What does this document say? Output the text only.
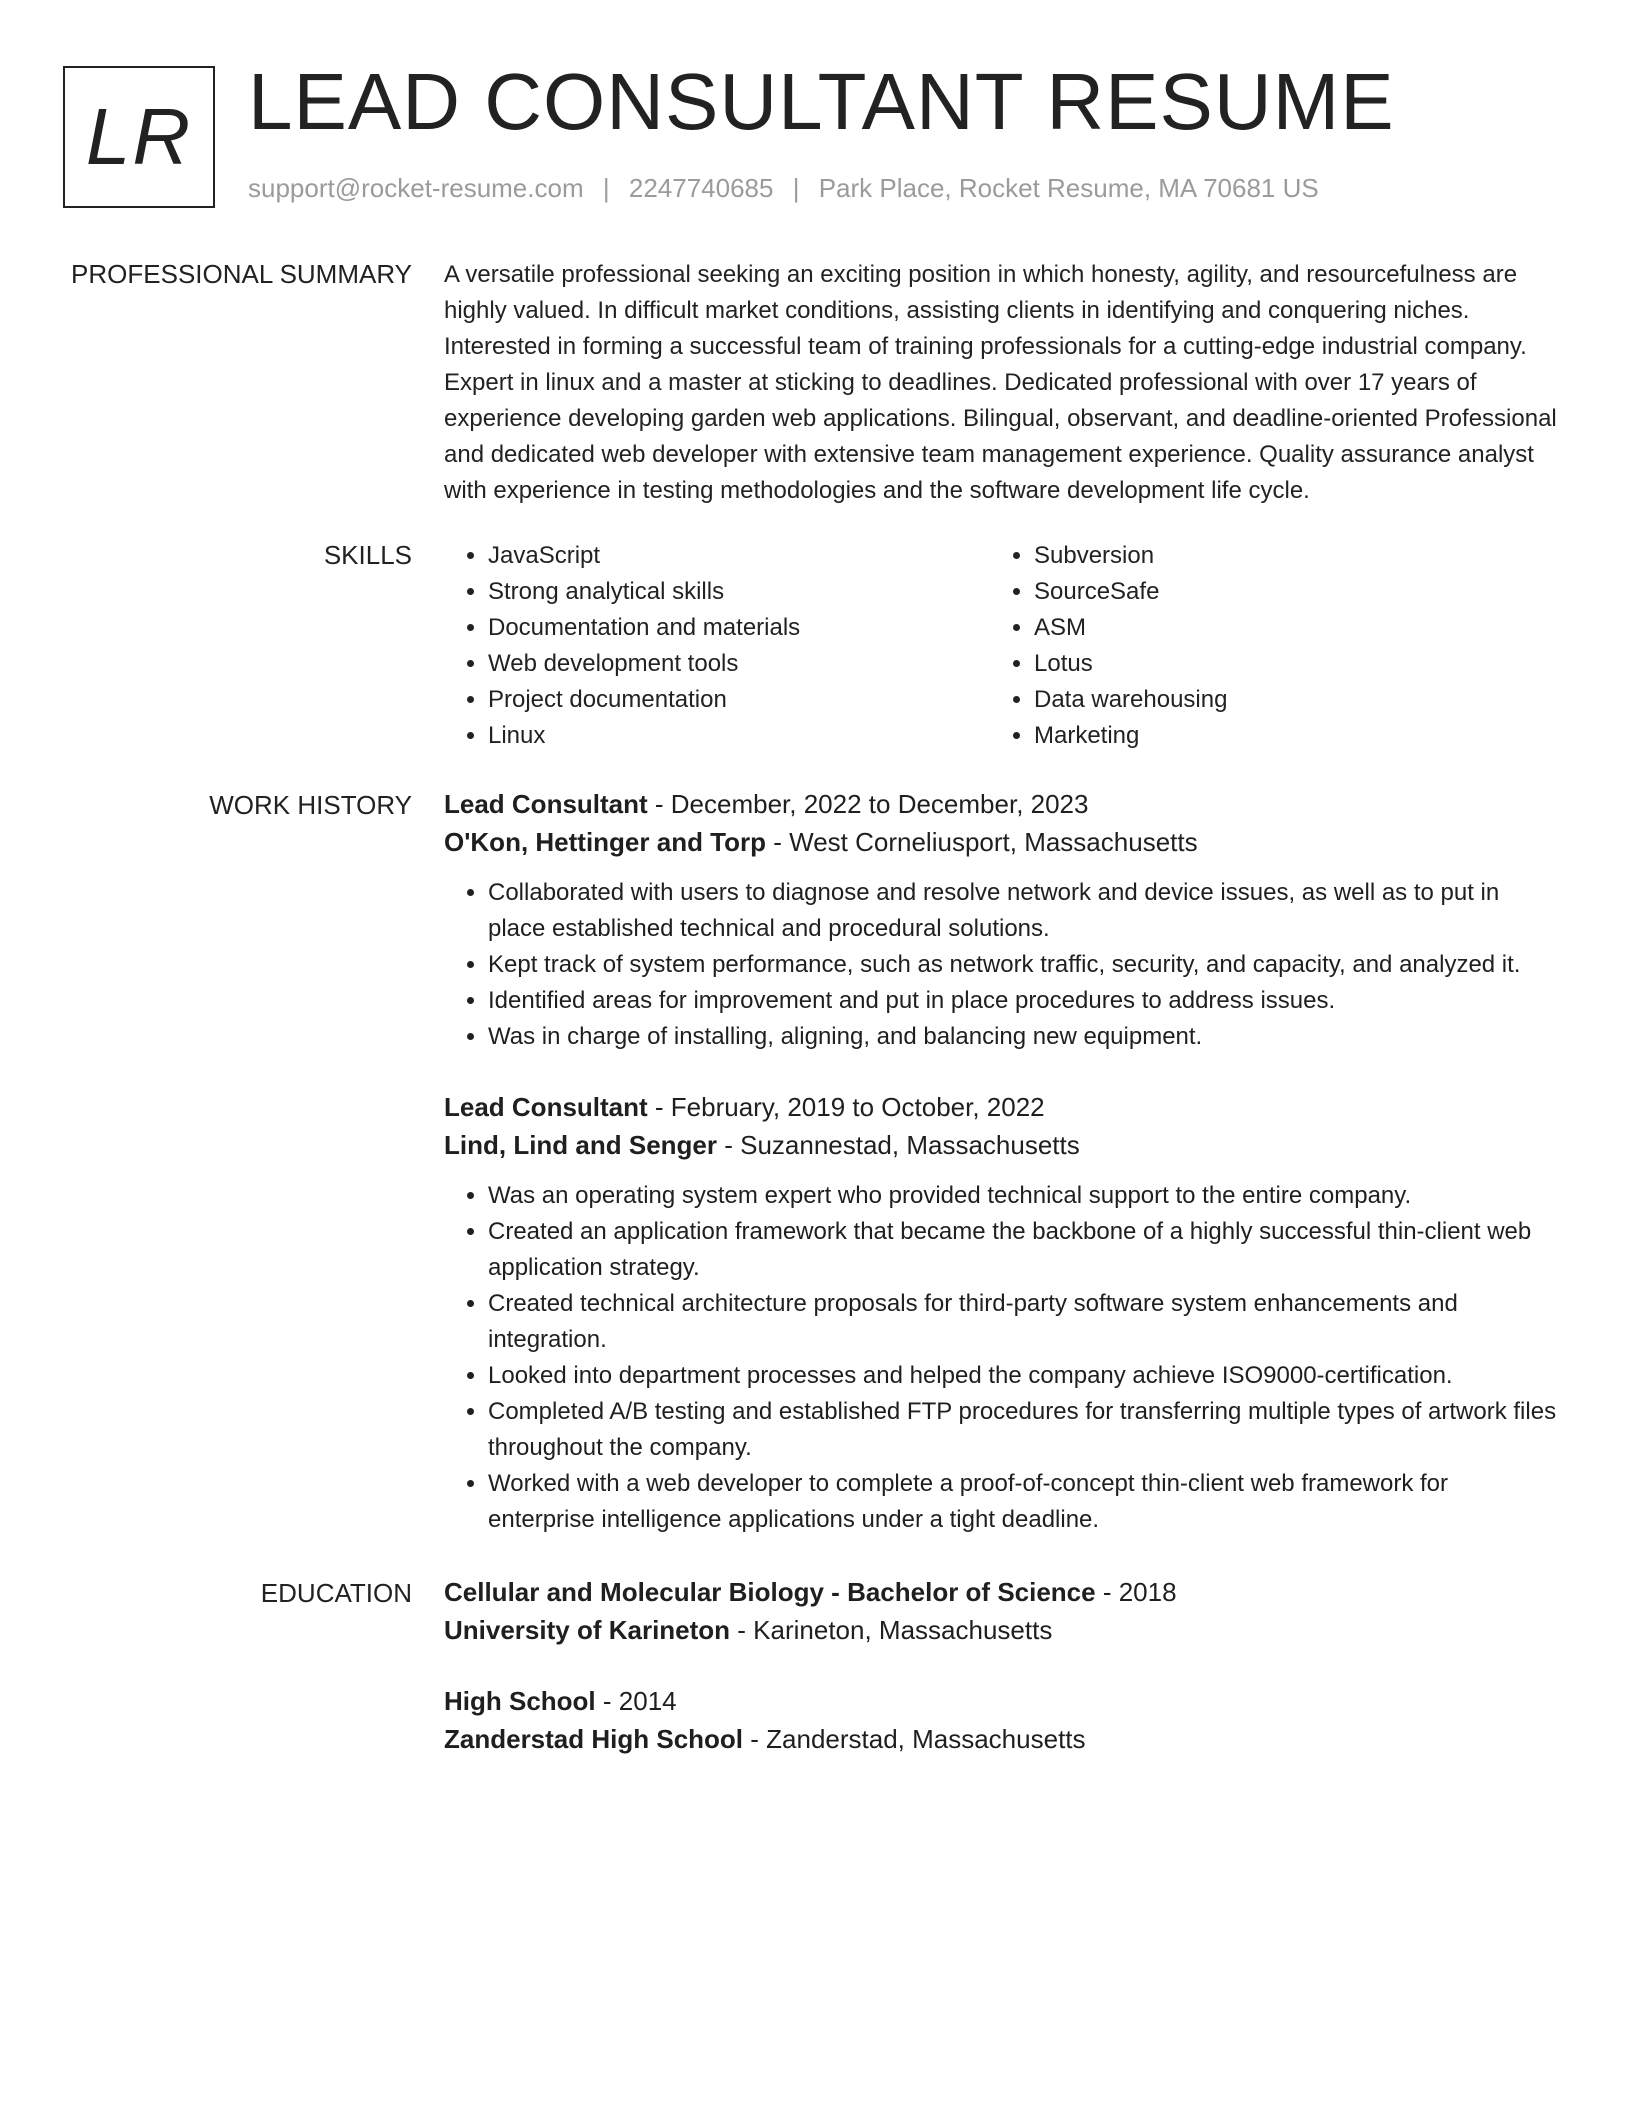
LR LEAD CONSULTANT RESUME
support@rocket-resume.com | 2247740685 | Park Place, Rocket Resume, MA 70681 US
PROFESSIONAL SUMMARY A versatile professional seeking an exciting position in which honesty, agility, and resourcefulness are highly valued. In difficult market conditions, assisting clients in identifying and conquering niches. Interested in forming a successful team of training professionals for a cutting-edge industrial company. Expert in linux and a master at sticking to deadlines. Dedicated professional with over 17 years of experience developing garden web applications. Bilingual, observant, and deadline-oriented Professional and dedicated web developer with extensive team management experience. Quality assurance analyst with experience in testing methodologies and the software development life cycle.

SKILLS
•	JavaScript
• Strong analytical skills
• Documentation and materials
• Web development tools
• Project documentation
• Linux
• Subversion
• SourceSafe
• ASM
• Lotus
• Data warehousing
• Marketing
WORK HISTORY Lead Consultant - December, 2022 to December, 2023
O'Kon, Hettinger and Torp - West Corneliusport, Massachusetts
• Collaborated with users to diagnose and resolve network and device issues, as well as to put in place established technical and procedural solutions.
• Kept track of system performance, such as network traffic, security, and capacity, and analyzed it.
• Identified areas for improvement and put in place procedures to address issues.
• Was in charge of installing, aligning, and balancing new equipment.
Lead Consultant - February, 2019 to October, 2022
Lind, Lind and Senger - Suzannestad, Massachusetts
• Was an operating system expert who provided technical support to the entire company.
• Created an application framework that became the backbone of a highly successful thin-client web application strategy.
• Created technical architecture proposals for third-party software system enhancements and integration.
• Looked into department processes and helped the company achieve ISO9000-certification.
• Completed A/B testing and established FTP procedures for transferring multiple types of artwork files throughout the company.
• Worked with a web developer to complete a proof-of-concept thin-client web framework for enterprise intelligence applications under a tight deadline.
EDUCATION Cellular and Molecular Biology - Bachelor of Science - 2018
University of Karineton - Karineton, Massachusetts
High School - 2014
Zanderstad High School - Zanderstad, Massachusetts
